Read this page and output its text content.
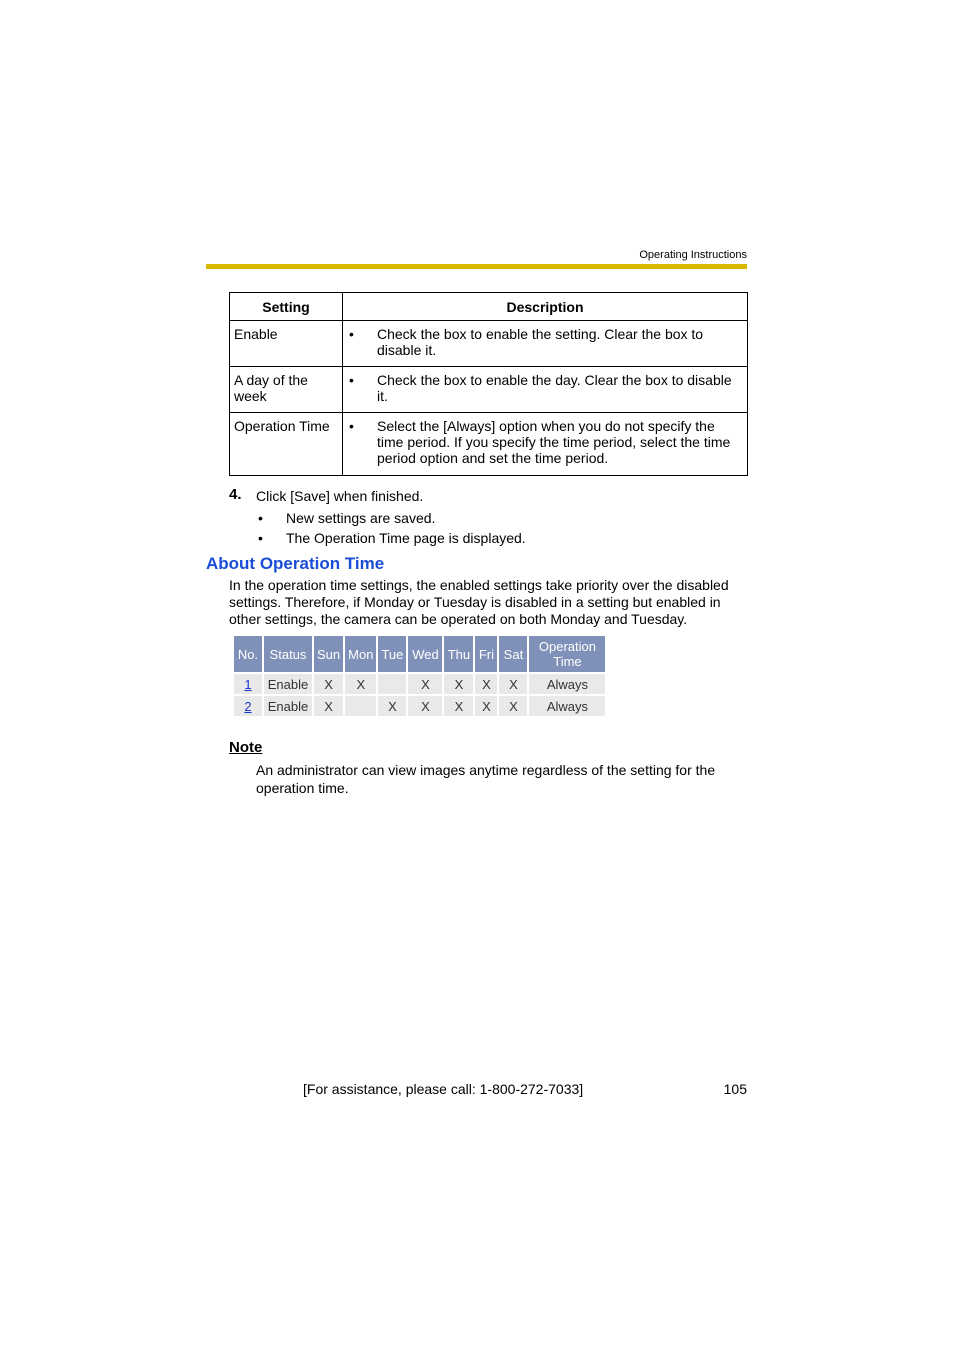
Operating Instructions
Setting	Description
Enable	• Check the box to enable the setting. Clear the box to disable it.

A day of the week	• Check the box to enable the day. Clear the box to disable it.

Operation Time	• Select the [Always] option when you do not specify the time period. If you specify the time period, select the time period option and set the time period.
4. Click [Save] when finished.
•	New settings are saved.
•	The Operation Time page is displayed.
About Operation Time
In the operation time settings, the enabled settings take priority over the disabled settings. Therefore, if Monday or Tuesday is disabled in a setting but enabled in other settings, the camera can be operated on both Monday and Tuesday.
No.	Status	Sun	Mon	Tue	Wed	Thu	Fri	Sat	Operation Time
1	Enable	X	X		X	X	X	X	Always
2	Enable	X		X	X	X	X	X	Always
Note
An administrator can view images anytime regardless of the setting for the operation time.
[For assistance, please call: 1-800-272-7033]	105
